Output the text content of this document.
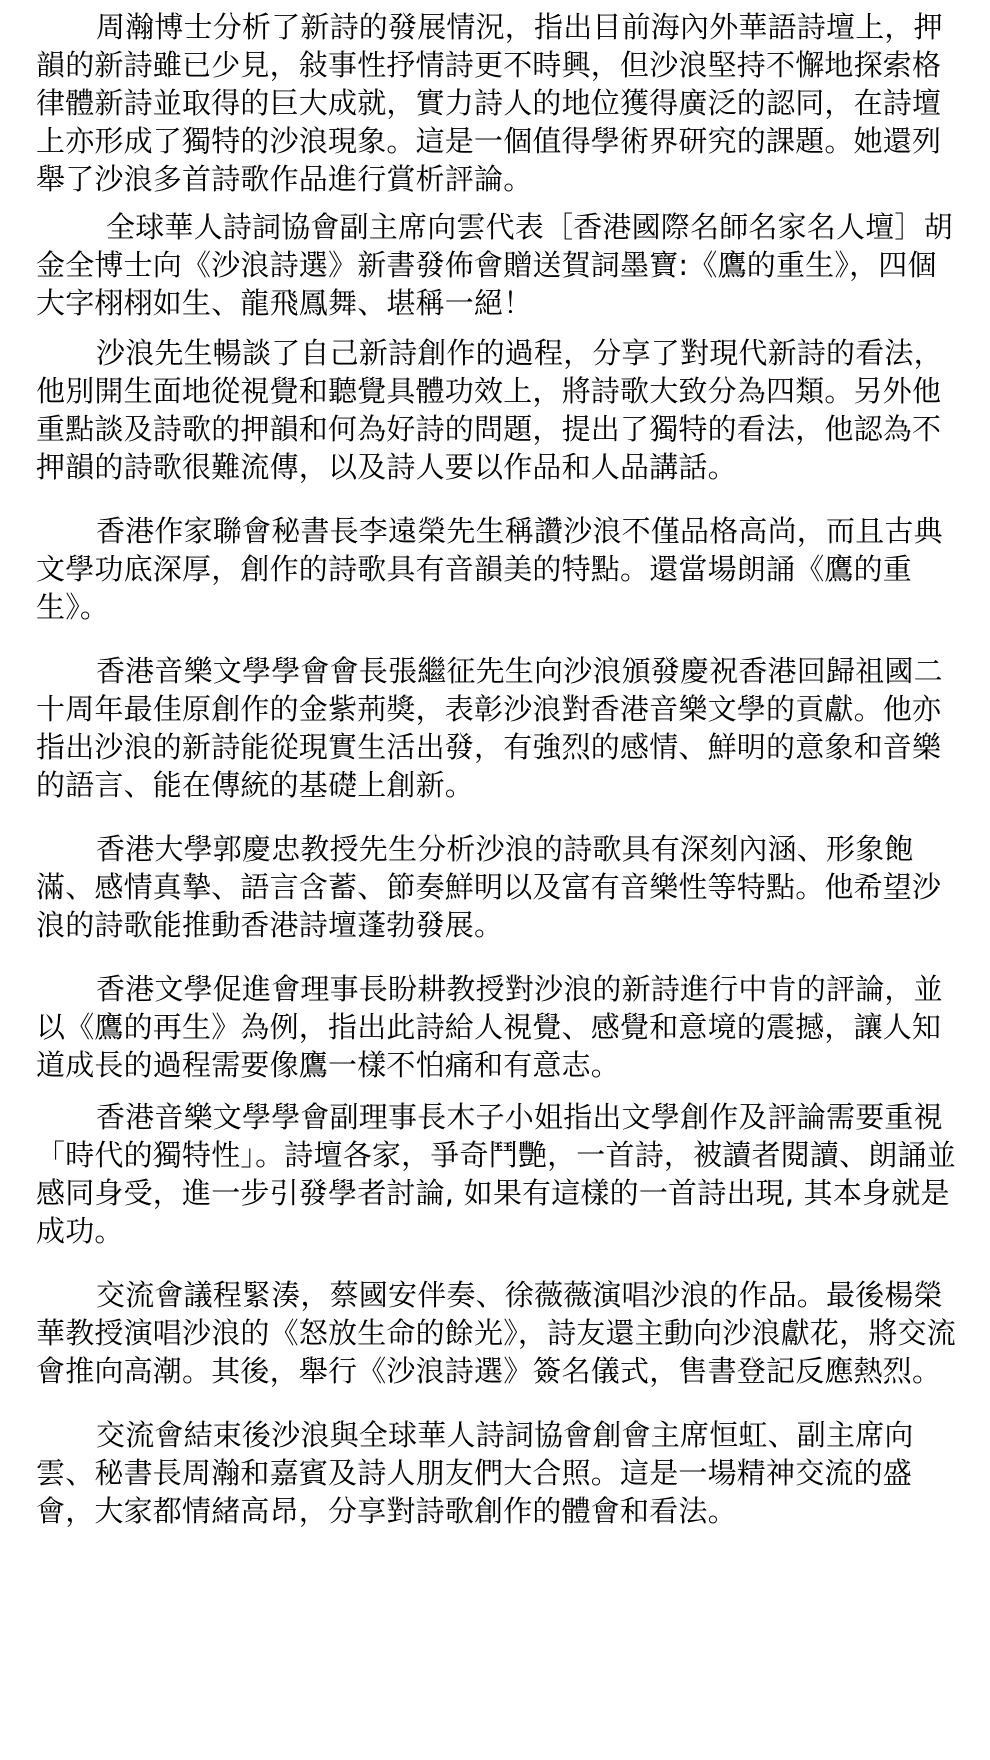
周瀚博士分析了新詩的發展情況，指出目前海內外華語詩壇上，押韻的新詩雖已少見，敍事性抒情詩更不時興，但沙浪堅持不懈地探索格律體新詩並取得的巨大成就，實力詩人的地位獲得廣泛的認同，在詩壇上亦形成了獨特的沙浪現象。這是一個值得學術界研究的課題。她還列舉了沙浪多首詩歌作品進行賞析評論。

全球華人詩詞協會副主席向雲代表［香港國際名師名家名人壇］胡金全博士向《沙浪詩選》新書發佈會贈送賀詞墨寶:《鷹的重生》，四個大字栩栩如生、龍飛鳳舞、堪稱一絕！

沙浪先生暢談了自己新詩創作的過程，分享了對現代新詩的看法，他別開生面地從視覺和聽覺具體功效上，將詩歌大致分為四類。另外他重點談及詩歌的押韻和何為好詩的問題，提出了獨特的看法，他認為不押韻的詩歌很難流傳，以及詩人要以作品和人品講話。

香港作家聯會秘書長李遠榮先生稱讚沙浪不僅品格高尚，而且古典文學功底深厚，創作的詩歌具有音韻美的特點。還當場朗誦《鷹的重生》。

香港音樂文學學會會長張繼征先生向沙浪頒發慶祝香港回歸祖國二十周年最佳原創作的金紫荊獎，表彰沙浪對香港音樂文學的貢獻。他亦指出沙浪的新詩能從現實生活出發，有強烈的感情、鮮明的意象和音樂的語言、能在傳統的基礎上創新。

香港大學郭慶忠教授先生分析沙浪的詩歌具有深刻內涵、形象飽滿、感情真摯、語言含蓄、節奏鮮明以及富有音樂性等特點。他希望沙浪的詩歌能推動香港詩壇蓬勃發展。

香港文學促進會理事長盼耕教授對沙浪的新詩進行中肯的評論，並以《鷹的再生》為例，指出此詩給人視覺、感覺和意境的震撼，讓人知道成長的過程需要像鷹一樣不怕痛和有意志。

香港音樂文學學會副理事長木子小姐指出文學創作及評論需要重視「時代的獨特性」。詩壇各家，爭奇鬥艷，一首詩，被讀者閱讀、朗誦並感同身受，進一步引發學者討論, 如果有這樣的一首詩出現, 其本身就是成功。

交流會議程緊湊，蔡國安伴奏、徐薇薇演唱沙浪的作品。最後楊榮華教授演唱沙浪的《怒放生命的餘光》，詩友還主動向沙浪獻花，將交流會推向高潮。其後，舉行《沙浪詩選》簽名儀式，售書登記反應熱烈。

交流會結束後沙浪與全球華人詩詞協會創會主席恒虹、副主席向雲、秘書長周瀚和嘉賓及詩人朋友們大合照。這是一場精神交流的盛會，大家都情緒高昂，分享對詩歌創作的體會和看法。
